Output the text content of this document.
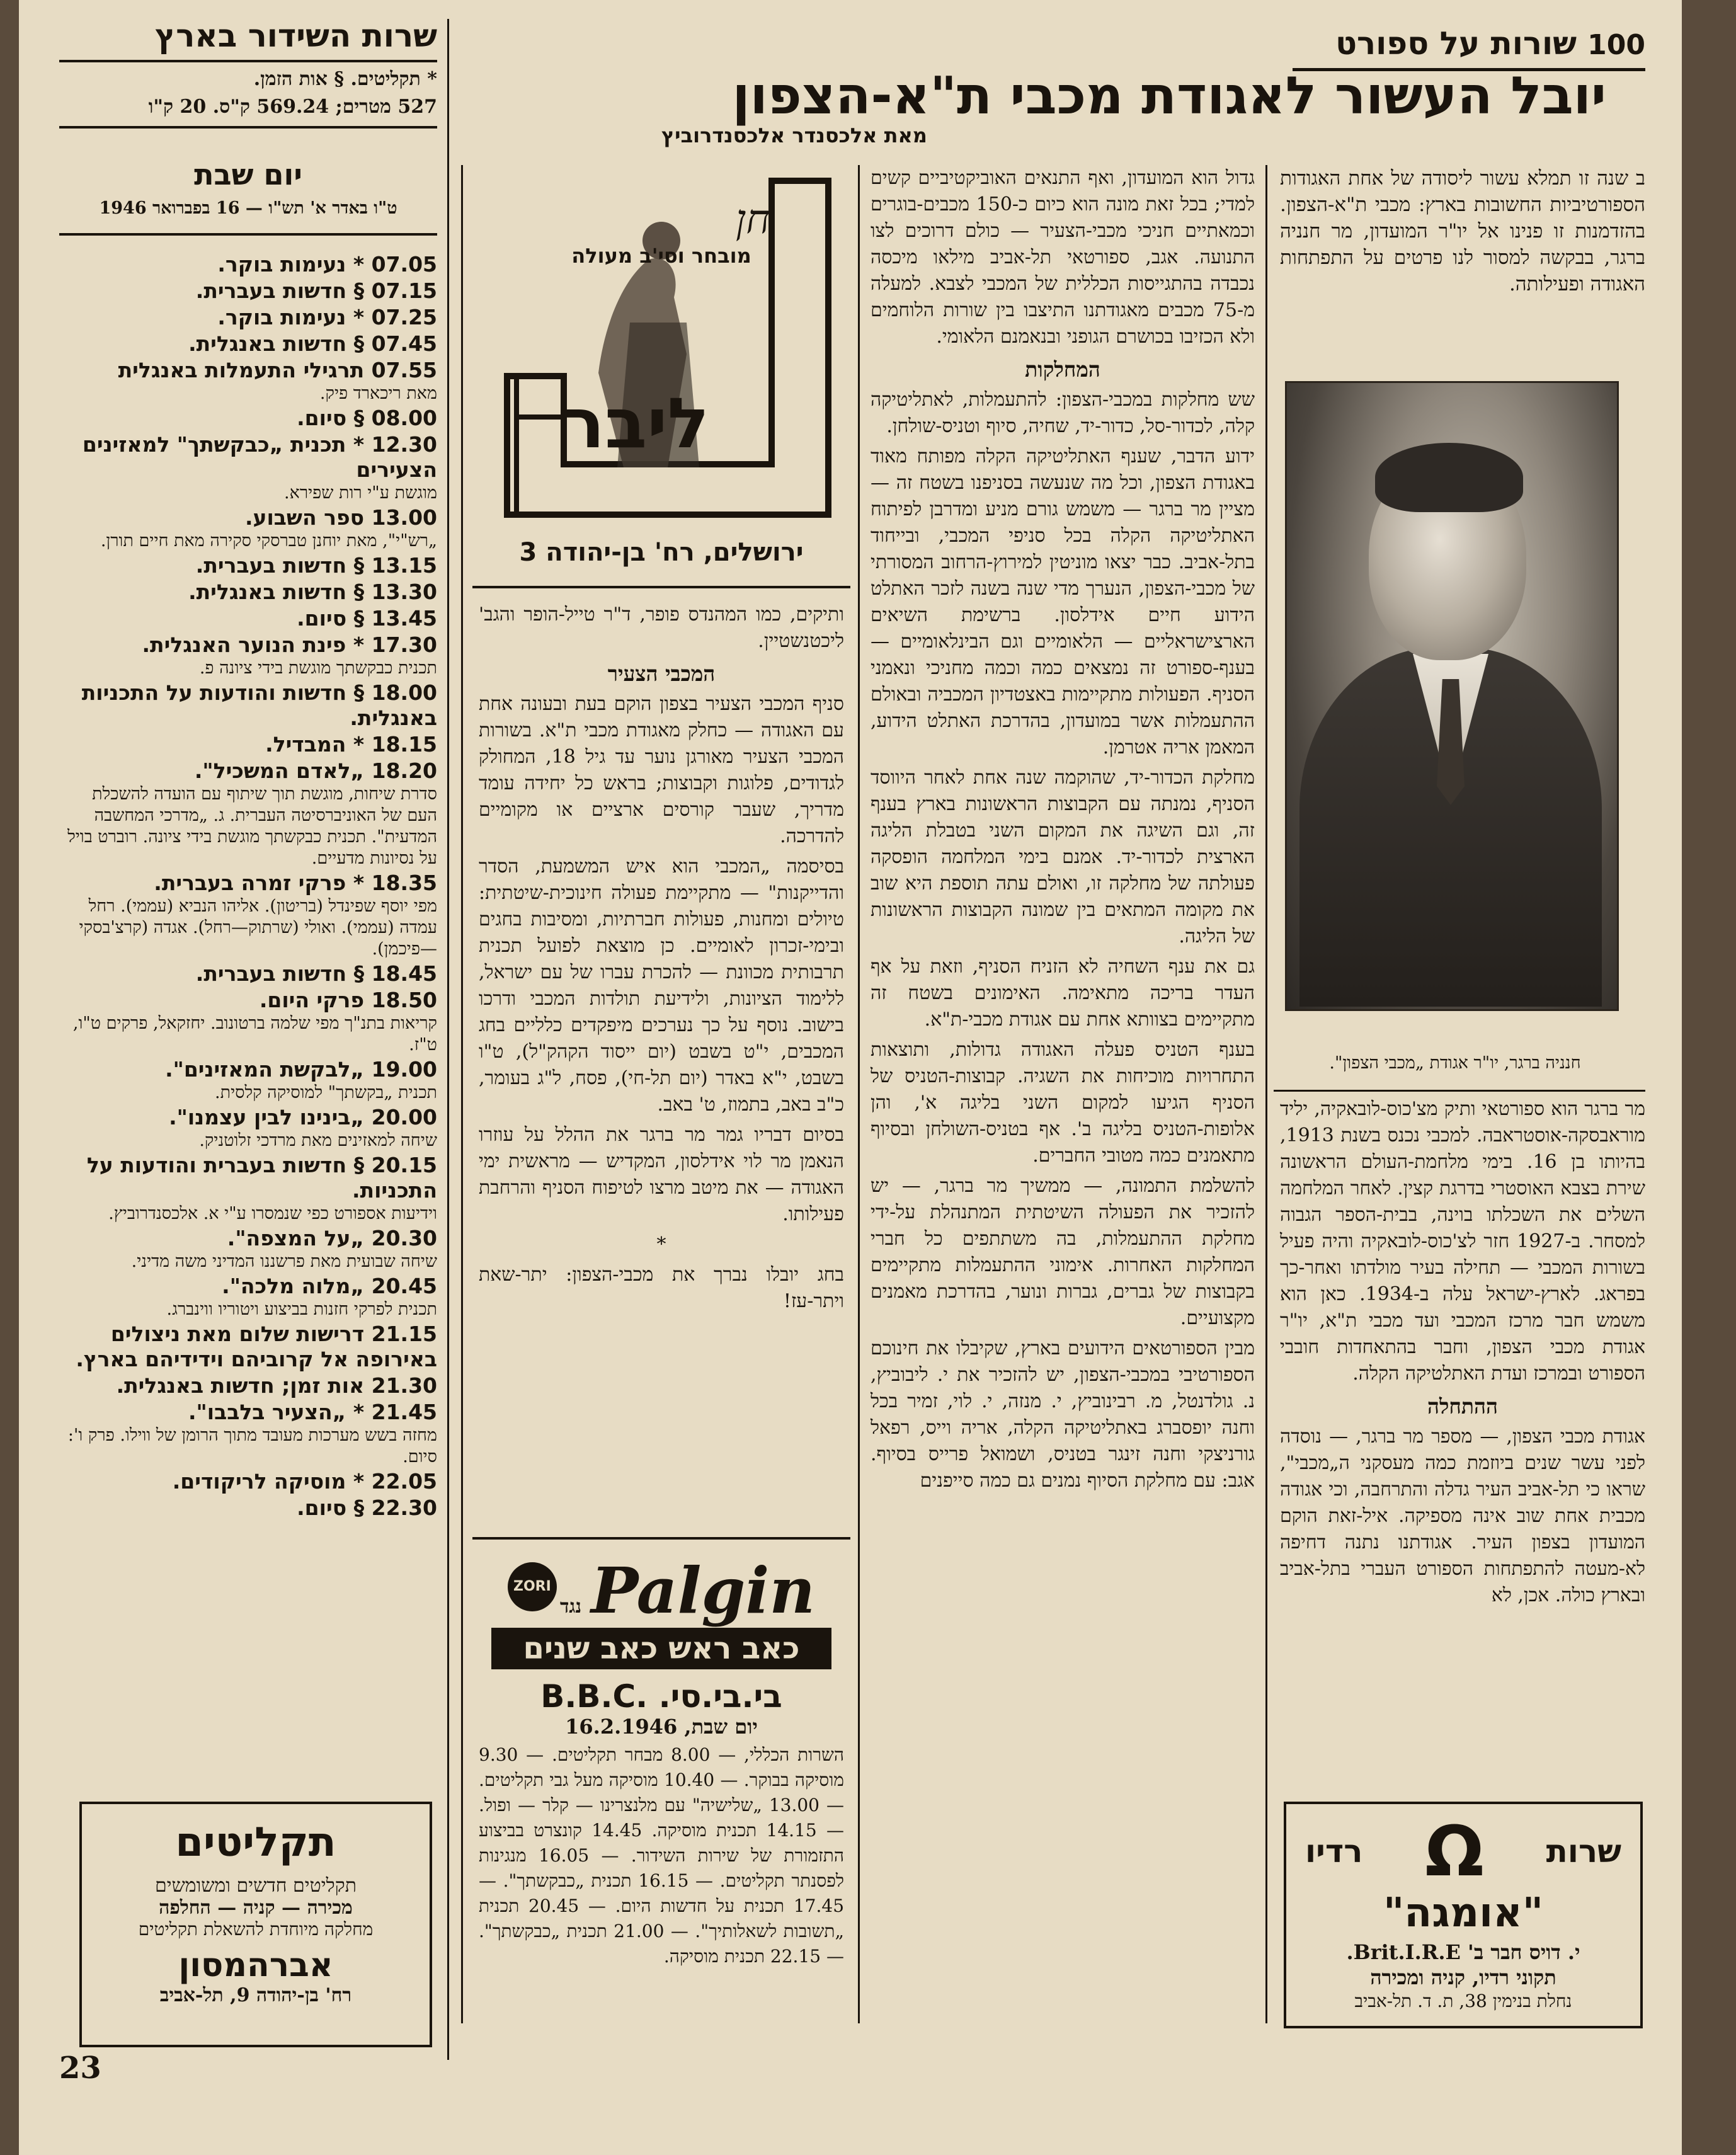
100 שורות על ספורט
יובל העשור לאגודת מכבי ת"א-הצפון
מאת אלכסנדר אלכסנדרוביץ

ב שנה זו תמלא עשור ליסודה של אחת האגודות הספורטיביות החשובות בארץ: מכבי ת"א-הצפון. בהזדמנות זו פנינו אל יו"ר המועדון, מר חנניה ברגר, בבקשה למסור לנו פרטים על התפתחות האגודה ופעילותה.

חנניה ברגר, יו"ר אגודת „מכבי הצפון".

מר ברגר הוא ספורטאי ותיק מצ'כוס-לובאקיה, יליד מוראבסקה-אוסטראבה. למכבי נכנס בשנת 1913, בהיותו בן 16. בימי מלחמת-העולם הראשונה שירת בצבא האוסטרי בדרגת קצין. לאחר המלחמה השלים את השכלתו בוינה, בבית-הספר הגבוה למסחר. ב-1927 חזר לצ'כוס-לובאקיה והיה פעיל בשורות המכבי — תחילה בעיר מולדתו ואחר-כך בפראג. לארץ-ישראל עלה ב-1934. כאן הוא משמש חבר מרכז המכבי ועד מכבי ת"א, יו"ר אגודת מכבי הצפון, וחבר בהתאחדות חובבי הספורט ובמרכז ועדת האתלטיקה הקלה.

ההתחלה

אגודת מכבי הצפון, — מספר מר ברגר, — נוסדה לפני עשר שנים ביוזמת כמה מעסקני ה„מכבי", שראו כי תל-אביב העיר גדלה והתרחבה, וכי אגודה מכבית אחת שוב אינה מספיקה. איל-זאת הוקם המועדון בצפון העיר. אגודתנו נתנה דחיפה לא-מעטה להתפתחות הספורט העברי בתל-אביב ובארץ כולה. אכן, לא

שרות
Ω
רדיו
"אומגה"
י. דויס חבר ב' Brit.I.R.E.
תקוני רדיו, קניה ומכירה
נחלת בנימין 38, ת. ד. תל-אביב

גדול הוא המועדון, ואף התנאים האוביקטיביים קשים למדי; בכל זאת מונה הוא כיום כ-150 מכבים-בוגרים וכמאתיים חניכי מכבי-הצעיר — כולם דרוכים לצו התנועה. אגב, ספורטאי תל-אביב מילאו מיכסה נכבדה בהתגייסות הכללית של המכבי לצבא. למעלה מ-75 מכבים מאגודתנו התיצבו בין שורות הלוחמים ולא הכזיבו בכושרם הגופני ובנאמנם הלאומי.

המחלקות

שש מחלקות במכבי-הצפון: להתעמלות, לאתליטיקה קלה, לכדור-סל, כדור-יד, שחיה, סיוף וטניס-שולחן.

ידוע הדבר, שענף האתליטיקה הקלה מפותח מאוד באגודת הצפון, וכל מה שנעשה בסניפנו בשטח זה — מציין מר ברגר — משמש גורם מניע ומדרבן לפיתוח האתליטיקה הקלה בכל סניפי המכבי, ובייחוד בתל-אביב. כבר יצאו מוניטין למירוץ-הרחוב המסורתי של מכבי-הצפון, הנערך מדי שנה בשנה לזכר האתלט הידוע חיים אידלסון. ברשימת השיאים הארצישראליים — הלאומיים וגם הבינלאומיים — בענף-ספורט זה נמצאים כמה וכמה מחניכי ונאמני הסניף. הפעולות מתקיימות באצטדיון המכביה ובאולם ההתעמלות אשר במועדון, בהדרכת האתלט הידוע, המאמן אריה אטרמן.

מחלקת הכדור-יד, שהוקמה שנה אחת לאחר היווסד הסניף, נמנתה עם הקבוצות הראשונות בארץ בענף זה, וגם השיגה את המקום השני בטבלת הליגה הארצית לכדור-יד. אמנם בימי המלחמה הופסקה פעולתה של מחלקה זו, ואולם עתה תוספת היא שוב את מקומה המתאים בין שמונה הקבוצות הראשונות של הליגה.

גם את ענף השחיה לא הזניח הסניף, וזאת על אף העדר בריכה מתאימה. האימונים בשטח זה מתקיימים בצוותא אחת עם אגודת מכבי-ת"א.

בענף הטניס פעלה האגודה גדולות, ותוצאות התחרויות מוכיחות את השגיה. קבוצות-הטניס של הסניף הגיעו למקום השני בליגה א', והן אלופות-הטניס בליגה ב'. אף בטניס-השולחן ובסיוף מתאמנים כמה מטובי החברים.

להשלמת התמונה, — ממשיך מר ברגר, — יש להזכיר את הפעולה השיטתית המתנהלת על-ידי מחלקת ההתעמלות, בה משתתפים כל חברי המחלקות האחרות. אימוני ההתעמלות מתקיימים בקבוצות של גברים, גברות ונוער, בהדרכת מאמנים מקצועיים.

מבין הספורטאים הידועים בארץ, שקיבלו את חינוכם הספורטיבי במכבי-הצפון, יש להזכיר את י. ליבוביץ, נ. גולדנטל, מ. רבינוביץ, י. מנזה, י. לוי, זמיר בכל וחנה יופסברג באתליטיקה הקלה, אריה וייס, רפאל גורניצקי וחנה זינגר בטניס, ושמואל פרייס בסיוף. אגב: עם מחלקת הסיוף נמנים גם כמה סייפנים

חן
מובחר וסי'ב מעולה
ליבר
ירושלים, רח' בן-יהודה 3

ותיקים, כמו המהנדס פופר, ד"ר טייל-הופר והגב' ליכטנשטיין.

המכבי הצעיר

סניף המכבי הצעיר בצפון הוקם בעת ובעונה אחת עם האגודה — כחלק מאגודת מכבי ת"א. בשורות המכבי הצעיר מאורגן נוער עד גיל 18, המחולק לגדודים, פלוגות וקבוצות; בראש כל יחידה עומד מדריך, שעבר קורסים ארציים או מקומיים להדרכה.

בסיסמה „המכבי הוא איש המשמעת, הסדר והדייקנות" — מתקיימת פעולה חינוכית-שיטתית: טיולים ומחנות, פעולות חברתיות, ומסיבות בחגים ובימי-זכרון לאומיים. כן מוצאת לפועל תכנית תרבותית מכוונת — להכרת עברו של עם ישראל, ללימוד הציונות, ולידיעת תולדות המכבי ודרכו בישוב. נוסף על כך נערכים מיפקדים כלליים בחג המכבים, י"ט בשבט (יום ייסוד הקהק"ל), ט"ו בשבט, י"א באדר (יום תל-חי), פסח, ל"ג בעומר, כ"ב באב, בתמוז, ט' באב.

בסיום דבריו גמר מר ברגר את ההלל על עוזרו הנאמן מר לוי אידלסון, המקדיש — מראשית ימי האגודה — את מיטב מרצו לטיפוח הסניף והרחבת פעילותו.

*

בחג יובלו נברך את מכבי-הצפון: יתר-שאת ויתר-עז!

Palgin נגד ZORI
כאב ראש כאב שנים
B.B.C. .בי.בי.סי
יום שבת, 16.2.1946
השרות הכללי, — 8.00 מבחר תקליטים. — 9.30 מוסיקה בבוקר. — 10.40 מוסיקה מעל גבי תקליטים. — 13.00 „שלישיה" עם מלנצרינו — קלר — ופול. — 14.15 תכנית מוסיקה. 14.45 קונצרט בביצוע התזמורת של שירות השידור. — 16.05 מנגינות לפסנתר תקליטים. — 16.15 תכנית „כבקשתך". — 17.45 תכנית על חדשות היום. — 20.45 תכנית „תשובות לשאלותיך". — 21.00 תכנית „כבקשתך". — 22.15 תכנית מוסיקה.
שרות השידור בארץ
* תקליטים. § אות הזמן.
527 מטרים; 569.24 ק"ס. 20 ק"ו
יום שבת
ט"ו באדר א' תש"ו — 16 בפברואר 1946
07.05 * נעימות בוקר.
07.15 § חדשות בעברית.
07.25 * נעימות בוקר.
07.45 § חדשות באנגלית.
07.55 תרגילי התעמלות באנגלית
מאת ריכארד פיק.
08.00 § סיום.
12.30 * תכנית „כבקשתך" למאזינים הצעירים
מוגשת ע"י רות שפירא.
13.00 ספר השבוע.
„רש"י", מאת יוחנן טברסקי סקירה מאת חיים תורן.
13.15 § חדשות בעברית.
13.30 § חדשות באנגלית.
13.45 § סיום.
17.30 * פינת הנוער האנגלית.
תכנית כבקשתך מוגשת בידי ציונה פ.
18.00 § חדשות והודעות על התכניות באנגלית.
18.15 * המבדיל.
18.20 „לאדם המשכיל".
סדרת שיחות, מוגשת תוך שיתוף עם הועדה להשכלת העם של האוניברסיטה העברית. ג. „מדרכי המחשבה המדעית". תכנית כבקשתך מוגשת בידי ציונה. רוברט בויל על נסיונות מדעיים.
18.35 * פרקי זמרה בעברית.
מפי יוסף שפינדל (בריטון). אליהו הנביא (עממי). רחל עמדה (עממי). ואולי (שרתוק—רחל). אגדה (קרצ'בסקי —פיכמן).
18.45 § חדשות בעברית.
18.50 פרקי היום.
קריאות בתנ"ך מפי שלמה ברטונוב. יחזקאל, פרקים ט"ו, ט"ז.
19.00 „לבקשת המאזינים".
תכנית „בקשתך" למוסיקה קלסית.
20.00 „בינינו לבין עצמנו".
שיחה למאזינים מאת מרדכי זלוטניק.
20.15 § חדשות בעברית והודעות על התכניות.
וידיעות אספורט כפי שנמסרו ע"י א. אלכסנדרוביץ.
20.30 „על המצפה".
שיחה שבועית מאת פרשננו המדיני משה מדיני.
20.45 „מלוה מלכה".
תכנית לפרקי חזנות בביצוע ויטוריו ווינברג.
21.15 דרישות שלום מאת ניצולים באירופה אל קרוביהם וידידיהם בארץ.
21.30 אות זמן; חדשות באנגלית.
21.45 * „הצעיר בלבבו".
מחזה בשש מערכות מעובד מתוך הרומן של ווילו. פרק ו': סיום.
22.05 * מוסיקה לריקודים.
22.30 § סיום.
תקליטים
תקליטים חדשים ומשומשים
מכירה — קניה — החלפה
מחלקה מיוחדת להשאלת תקליטים
אברהמסון
רח' בן-יהודה 9, תל-אביב
23
